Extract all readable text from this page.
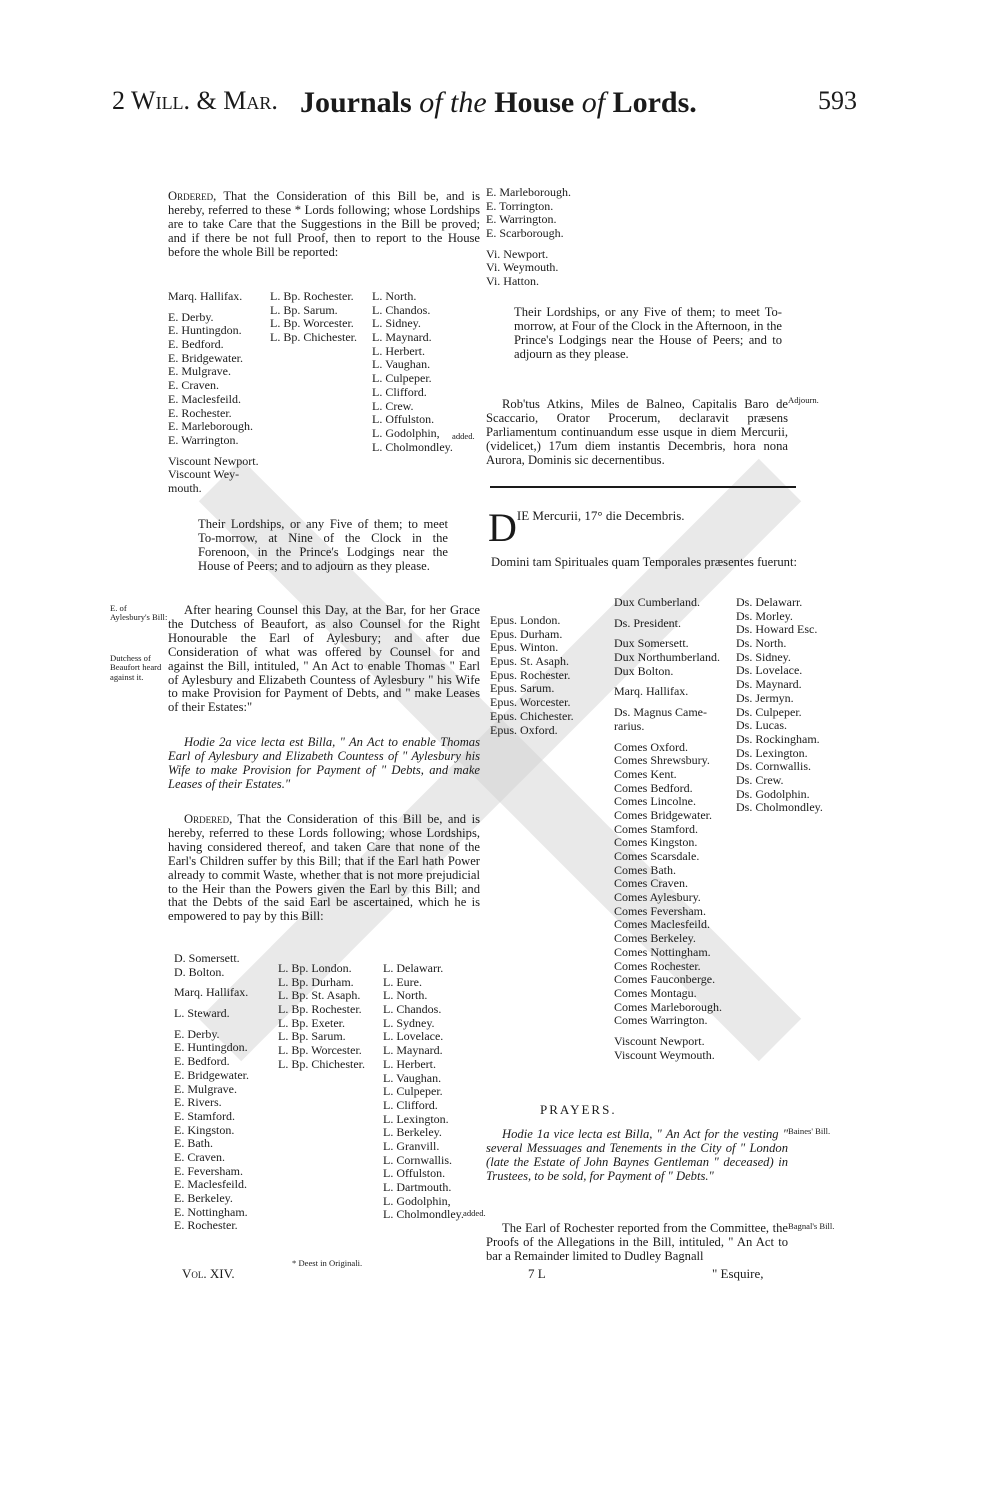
2 Will. & Mar. Journals of the House of Lords.	593
Ordered, That the Consideration of this Bill be, and is hereby, referred to these * Lords following; whose Lordships are to take Care that the Suggestions in the Bill be proved; and if there be not full Proof, then to report to the House before the whole Bill be reported:
Marq. Hallifax.
E. Derby.
E. Huntingdon.
E. Bedford.
E. Bridgewater.
E. Mulgrave.
E. Craven.
E. Maclesfeild.
E. Rochester.
E. Marleborough.
E. Warrington.
Viscount Newport.
Viscount Wey-
mouth.
L. Bp. Rochester.
L. Bp. Sarum.
L. Bp. Worcester.
L. Bp. Chichester.
L. North.
L. Chandos.
L. Sidney.
L. Maynard.
L. Herbert.
L. Vaughan.
L. Culpeper.
L. Clifford.
L. Crew.
L. Offulston.
L. Godolphin,
L. Cholmondley.
added.
Their Lordships, or any Five of them; to meet To-morrow, at Nine of the Clock in the Forenoon, in the Prince's Lodgings near the House of Peers; and to adjourn as they please.
E. of Aylesbury's Bill:
Dutchess of Beaufort heard against it.
After hearing Counsel this Day, at the Bar, for her Grace the Dutchess of Beaufort, as also Counsel for the Right Honourable the Earl of Aylesbury; and after due Consideration of what was offered by Counsel for and against the Bill, intituled, " An Act to enable Thomas " Earl of Aylesbury and Elizabeth Countess of Aylesbury " his Wife to make Provision for Payment of Debts, and " make Leases of their Estates:"
Hodie 2a vice lecta est Billa, " An Act to enable Thomas Earl of Aylesbury and Elizabeth Countess of " Aylesbury his Wife to make Provision for Payment of " Debts, and make Leases of their Estates."
Ordered, That the Consideration of this Bill be, and is hereby, referred to these Lords following; whose Lordships, having considered thereof, and taken Care that none of the Earl's Children suffer by this Bill; that if the Earl hath Power already to commit Waste, whether that is not more prejudicial to the Heir than the Powers given the Earl by this Bill; and that the Debts of the said Earl be ascertained, which he is empowered to pay by this Bill:
D. Somersett.
D. Bolton.
Marq. Hallifax.
L. Steward.
E. Derby.
E. Huntingdon.
E. Bedford.
E. Bridgewater.
E. Mulgrave.
E. Rivers.
E. Stamford.
E. Kingston.
E. Bath.
E. Craven.
E. Feversham.
E. Maclesfeild.
E. Berkeley.
E. Nottingham.
E. Rochester.
L. Bp. London.
L. Bp. Durham.
L. Bp. St. Asaph.
L. Bp. Rochester.
L. Bp. Exeter.
L. Bp. Sarum.
L. Bp. Worcester.
L. Bp. Chichester.
L. Delawarr.
L. Eure.
L. North.
L. Chandos.
L. Sydney.
L. Lovelace.
L. Maynard.
L. Herbert.
L. Vaughan.
L. Culpeper.
L. Clifford.
L. Lexington.
L. Berkeley.
L. Granvill.
L. Cornwallis.
L. Offulston.
L. Dartmouth.
L. Godolphin,
L. Cholmondley. added.
* Deest in Originali.
Vol. XIV.
E. Marleborough.
E. Torrington.
E. Warrington.
E. Scarborough.
Vi. Newport.
Vi. Weymouth.
Vi. Hatton.
Their Lordships, or any Five of them; to meet To-morrow, at Four of the Clock in the Afternoon, in the Prince's Lodgings near the House of Peers; and to adjourn as they please.
Rob'tus Atkins, Miles de Balneo, Capitalis Baro de Scaccario, Orator Procerum, declaravit præsens Parliamentum continuandum esse usque in diem Mercurii, (videlicet,) 17um diem instantis Decembris, hora nona Aurora, Dominis sic decernentibus.
Adjourn.
$D^{IE Mercurii, 17^\circ die Decembris.}$
Domini tam Spirituales quam Temporales præsentes fuerunt:
Epus. London.
Epus. Durham.
Epus. Winton.
Epus. St. Asaph.
Epus. Rochester.
Epus. Sarum.
Epus. Worcester.
Epus. Chichester.
Epus. Oxford.
Dux Cumberland.
Ds. President.
Dux Somersett.
Dux Northumberland.
Dux Bolton.
Marq. Hallifax.
Ds. Magnus Came-
rarius.
Comes Oxford.
Comes Shrewsbury.
Comes Kent.
Comes Bedford.
Comes Lincolne.
Comes Bridgewater.
Comes Stamford.
Comes Kingston.
Comes Scarsdale.
Comes Bath.
Comes Craven.
Comes Aylesbury.
Comes Feversham.
Comes Maclesfeild.
Comes Berkeley.
Comes Nottingham.
Comes Rochester.
Comes Fauconberge.
Comes Montagu.
Comes Marleborough.
Comes Warrington.
Viscount Newport.
Viscount Weymouth.
Ds. Delawarr.
Ds. Morley.
Ds. Howard Esc.
Ds. North.
Ds. Sidney.
Ds. Lovelace.
Ds. Maynard.
Ds. Jermyn.
Ds. Culpeper.
Ds. Lucas.
Ds. Rockingham.
Ds. Lexington.
Ds. Cornwallis.
Ds. Crew.
Ds. Godolphin.
Ds. Cholmondley.
PRAYERS.
Hodie 1a vice lecta est Billa, " An Act for the vesting " several Messuages and Tenements in the City of " London (late the Estate of John Baynes Gentleman " deceased) in Trustees, to be sold, for Payment of " Debts."
Baines' Bill.
The Earl of Rochester reported from the Committee, the Proofs of the Allegations in the Bill, intituled, " An Act to bar a Remainder limited to Dudley Bagnall
Bagnal's Bill.
7 L	" Esquire,
